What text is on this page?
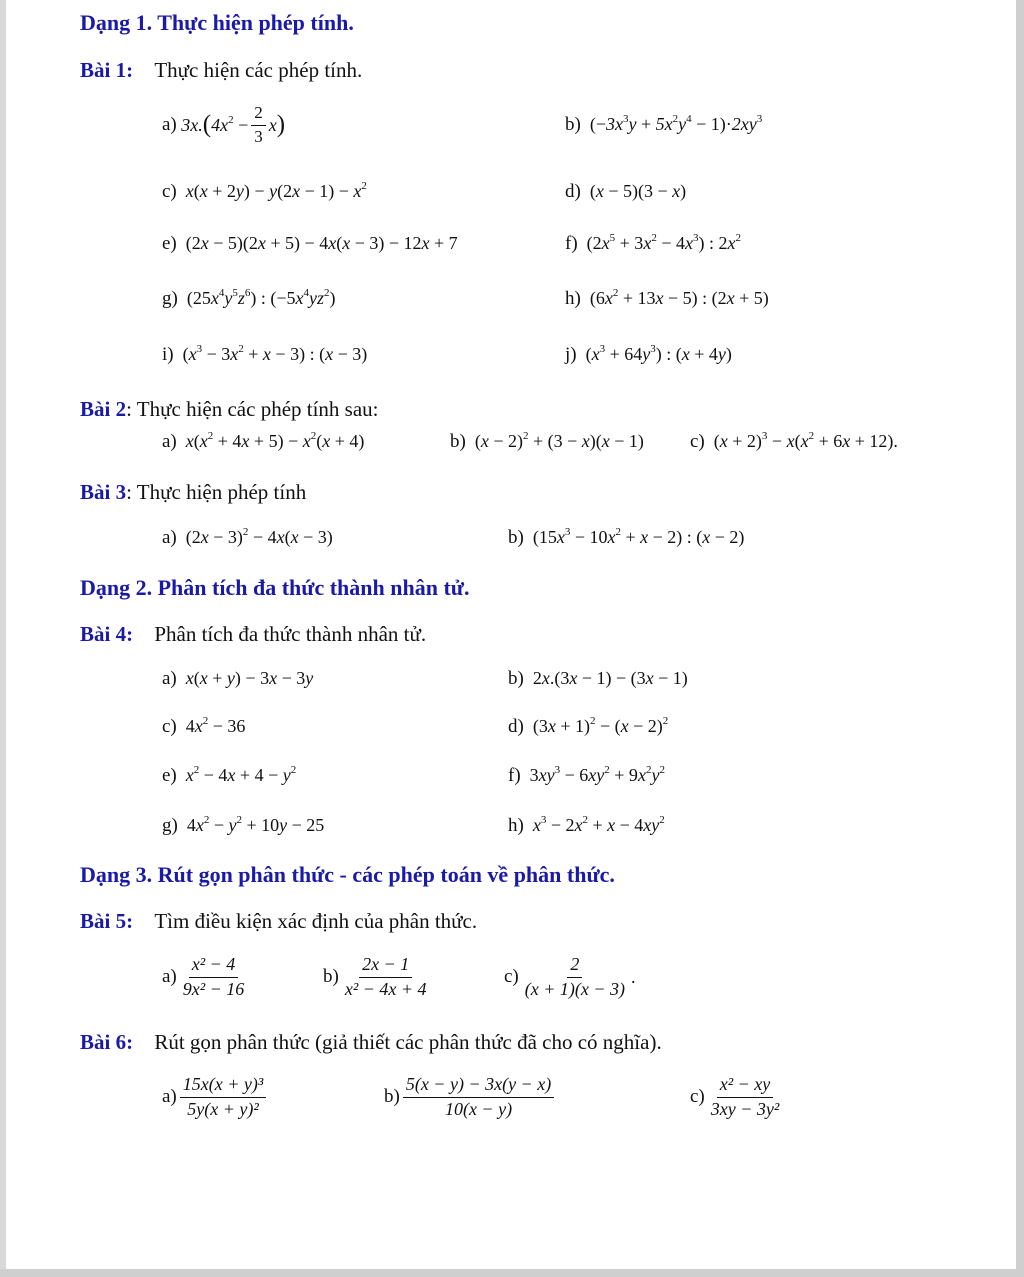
Dạng 1. Thực hiện phép tính.
Bài 1: Thực hiện các phép tính.
a)
3x. ( $4x^2 - \frac{2}{3}$ x )	b)  $(-3x^3y + 5x^2y^4 - 1)\cdot 2xy^3$
c) $x(x + 2y) - y(2x - 1) - x^2$	d)  (x − 5)(3 − x)
e)  (2x − 5)(2x + 5) − 4x(x − 3) − 12x + 7	f)  $(2x^5 + 3x^2 - 4x^3)$ : $2x^2$
g)  $(25x^4y^5z^6)$ : $(-5x^4yz^2)$	h)  $(6x^2 + 13x - 5)$ : (2x + 5)
i)  $(x^3 - 3x^2 + x - 3)$ : (x − 3)	j)  $(x^3 + 64y^3)$ : (x + 4y)
Bài 2: Thực hiện các phép tính sau:
a) $x(x^2 + 4x + 5) - x^2(x + 4)$	b)  $(x - 2)^2 + (3 - x)(x - 1)$ c)  $(x + 2)^3 - x(x^2 + 6x + 12)$.
Bài 3: Thực hiện phép tính
a)  $(2x - 3)^2 - 4x(x - 3)$	b)  $(15x^3 - 10x^2 + x - 2)$ : (x − 2)
Dạng 2. Phân tích đa thức thành nhân tử.
Bài 4: Phân tích đa thức thành nhân tử.
a) x(x + y) − 3x − 3y	b)  2x.(3x − 1) − (3x − 1)
c)  $4x^2 - 36$	d)  $(3x + 1)^2 - (x - 2)^2$
e) $x^2 - 4x + 4 - y^2$	f)  $3xy^3 - 6xy^2 + 9x^2y^2$
g)  $4x^2 - y^2 + 10y - 25$	h) $x^3 - 2x^2 + x - 4xy^2$
Dạng 3. Rút gọn phân thức - các phép toán về phân thức.
Bài 5: Tìm điều kiện xác định của phân thức.
$a) \frac{\text{x² − 4}}{\text{9x² − 16}}$	$b) \frac{2x - 1}{\text{x² − 4x + 4}}$	$c) \frac{2}{(x + 1)(x - 3)}$ .
Bài 6: Rút gọn phân thức (giả thiết các phân thức đã cho có nghĩa).
$a) \frac{\text{15x(x + y)³}}{\text{5y(x + y)²}}$	$b) \frac{5(x - y) - 3x(y - x)}{10(x - y)}$	$c) \frac{\text{x² − xy}}{\text{3xy − 3y²}}$
